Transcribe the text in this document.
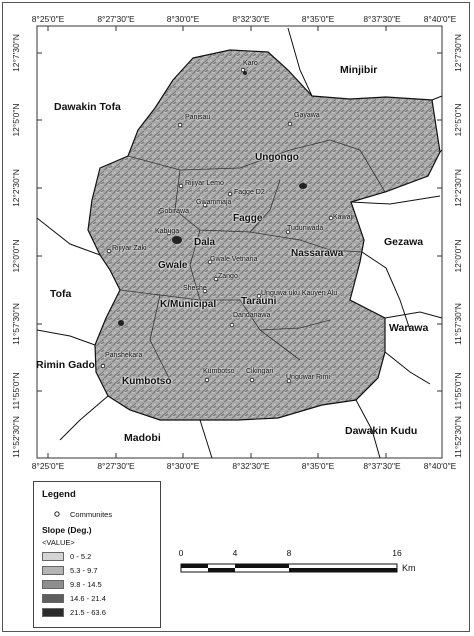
8°25'0"E	8°27'30"E	8°30'0"E	8°32'30"E	8°35'0"E	8°37'30"E	8°40'0"E
8°25'0"E	8°27'30"E	8°30'0"E	8°32'30"E	8°35'0"E	8°37'30"E	8°40'0"E
12°7'30"N
12°5'0"N
12°2'30"N
12°0'0"N
11°57'30"N
11°55'0"N
11°52'30"N
12°7'30"N
12°5'0"N
12°2'30"N
12°0'0"N
11°57'30"N
11°55'0"N
11°52'30"N
Minjibir
Dawakin Tofa
Gezawa
Tofa
Warawa
Rimin Gado
Madobi
Dawakin Kudu
Ungongo
Fagge
Dala
Gwale
Nassarawa
K/Municipal Tarauni
Kumbotso
Karo
Panisau	Gayawa
Rijiyar Lemo
Fagge D2
Gwammaja
Gobirawa
Kawaji
Tudunwada
Kabuga
Rijiyar Zaki
Gwale Vetnaria
Zango
Sheshe
Unguwa uku Kauyen Alu
Dandanawa
Panshekara
Kumbotso Cikingari
Unguwar Rimi
Legend
Communites
Slope (Deg.)
<VALUE>
0 - 5.2
5.3 - 9.7
9.8 - 14.5
14.6 - 21.4
21.5 - 63.6
0	4	8	16
Km
